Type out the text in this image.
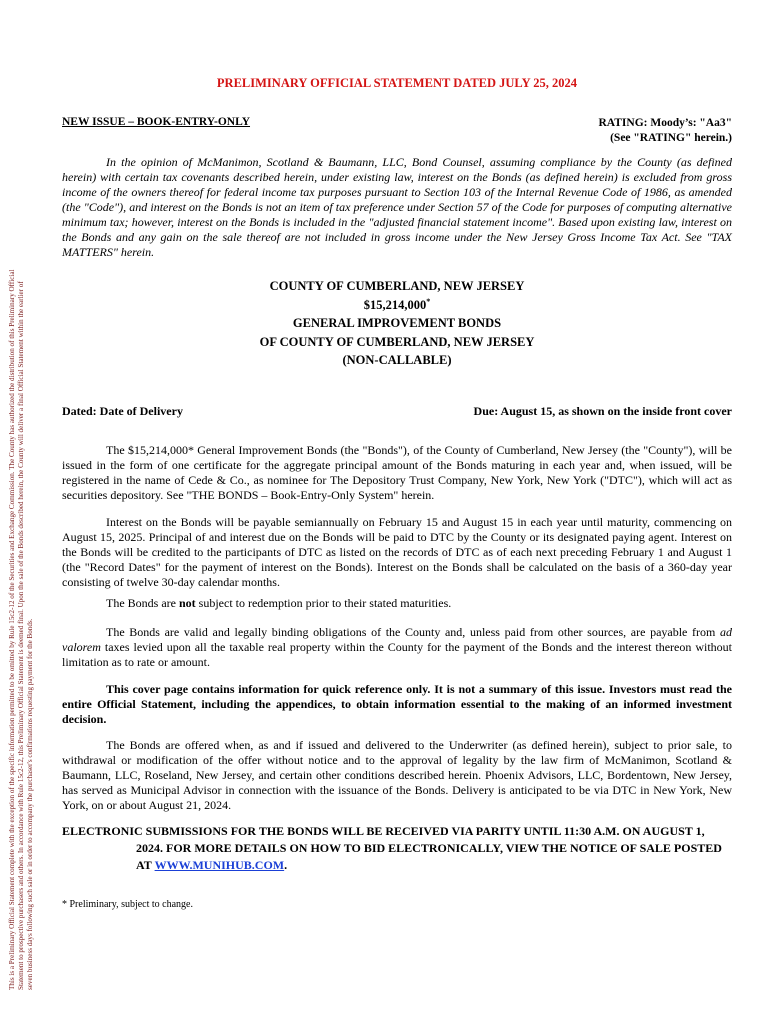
This is a Preliminary Official Statement complete with the exception of the specific information permitted to be omitted by Rule 15c2-12 of the Securities and Exchange Commission. The County has authorized the distribution of this Preliminary Official Statement to prospective purchasers and others. In accordance with Rule 15c2-12, this Preliminary Official Statement is deemed final. Upon the sale of the Bonds described herein, the County will deliver a final Official Statement within the earlier of seven business days following such sale or in order to accompany the purchaser's confirmations requesting payment for the Bonds.
PRELIMINARY OFFICIAL STATEMENT DATED JULY 25, 2024
NEW ISSUE – BOOK-ENTRY-ONLY	RATING: Moody’s: "Aa3"
(See "RATING" herein.)

In the opinion of McManimon, Scotland & Baumann, LLC, Bond Counsel, assuming compliance by the County (as defined herein) with certain tax covenants described herein, under existing law, interest on the Bonds (as defined herein) is excluded from gross income of the owners thereof for federal income tax purposes pursuant to Section 103 of the Internal Revenue Code of 1986, as amended (the "Code"), and interest on the Bonds is not an item of tax preference under Section 57 of the Code for purposes of computing alternative minimum tax; however, interest on the Bonds is included in the "adjusted financial statement income". Based upon existing law, interest on the Bonds and any gain on the sale thereof are not included in gross income under the New Jersey Gross Income Tax Act. See "TAX MATTERS" herein.

COUNTY OF CUMBERLAND, NEW JERSEY
$15,214,000*
GENERAL IMPROVEMENT BONDS
OF COUNTY OF CUMBERLAND, NEW JERSEY
(NON-CALLABLE)
Dated: Date of Delivery	Due: August 15, as shown on the inside front cover

The $15,214,000* General Improvement Bonds (the "Bonds"), of the County of Cumberland, New Jersey (the "County"), will be issued in the form of one certificate for the aggregate principal amount of the Bonds maturing in each year and, when issued, will be registered in the name of Cede & Co., as nominee for The Depository Trust Company, New York, New York ("DTC"), which will act as securities depository. See "THE BONDS – Book-Entry-Only System" herein.

Interest on the Bonds will be payable semiannually on February 15 and August 15 in each year until maturity, commencing on August 15, 2025. Principal of and interest due on the Bonds will be paid to DTC by the County or its designated paying agent. Interest on the Bonds will be credited to the participants of DTC as listed on the records of DTC as of each next preceding February 1 and August 1 (the "Record Dates" for the payment of interest on the Bonds). Interest on the Bonds shall be calculated on the basis of a 360-day year consisting of twelve 30-day calendar months.

The Bonds are not subject to redemption prior to their stated maturities.

The Bonds are valid and legally binding obligations of the County and, unless paid from other sources, are payable from ad valorem taxes levied upon all the taxable real property within the County for the payment of the Bonds and the interest thereon without limitation as to rate or amount.

This cover page contains information for quick reference only. It is not a summary of this issue. Investors must read the entire Official Statement, including the appendices, to obtain information essential to the making of an informed investment decision.

The Bonds are offered when, as and if issued and delivered to the Underwriter (as defined herein), subject to prior sale, to withdrawal or modification of the offer without notice and to the approval of legality by the law firm of McManimon, Scotland & Baumann, LLC, Roseland, New Jersey, and certain other conditions described herein. Phoenix Advisors, LLC, Bordentown, New Jersey, has served as Municipal Advisor in connection with the issuance of the Bonds. Delivery is anticipated to be via DTC in New York, New York, on or about August 21, 2024.

ELECTRONIC SUBMISSIONS FOR THE BONDS WILL BE RECEIVED VIA PARITY UNTIL 11:30 A.M. ON AUGUST 1, 2024. FOR MORE DETAILS ON HOW TO BID ELECTRONICALLY, VIEW THE NOTICE OF SALE POSTED AT WWW.MUNIHUB.COM.

* Preliminary, subject to change.
